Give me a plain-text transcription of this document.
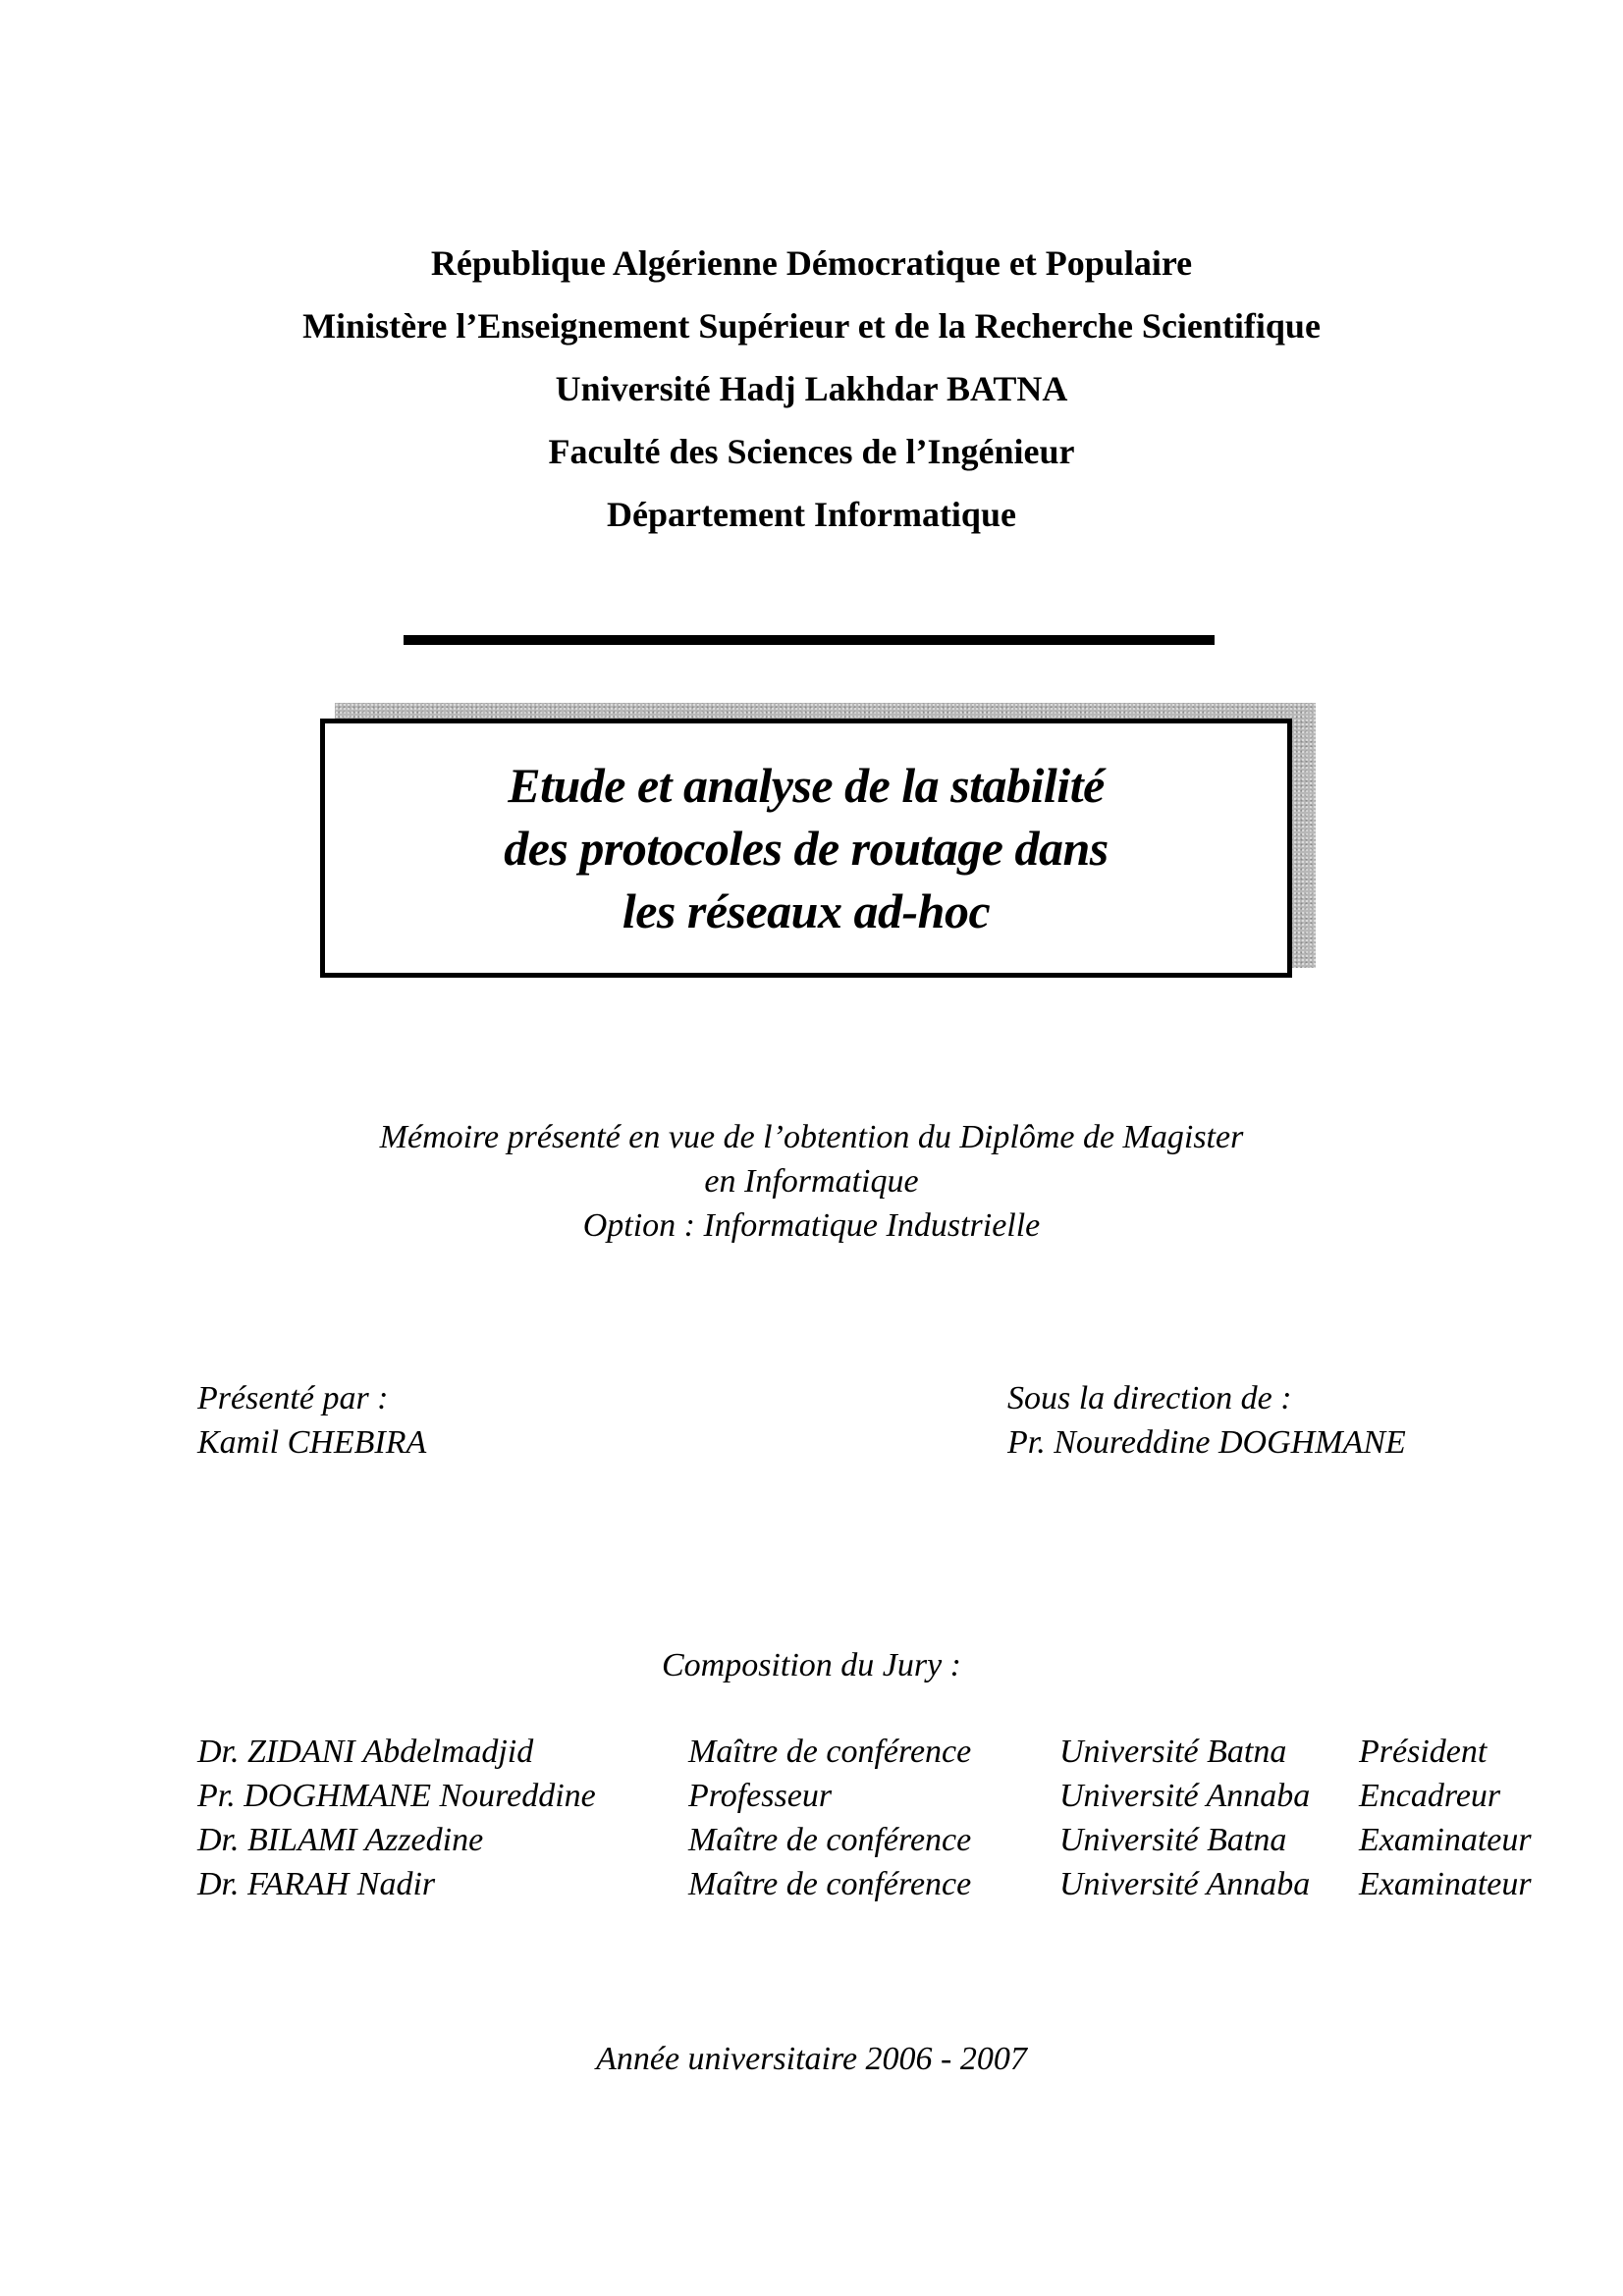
République Algérienne Démocratique et Populaire
Ministère l’Enseignement Supérieur et de la Recherche Scientifique
Université Hadj Lakhdar BATNA
Faculté des Sciences de l’Ingénieur
Département Informatique
Etude et analyse de la stabilité
des protocoles de routage dans
les réseaux ad-hoc
Mémoire présenté en vue de l’obtention du Diplôme de Magister
en Informatique
Option : Informatique Industrielle
Présenté par :
Kamil CHEBIRA
Sous la direction de :
Pr. Noureddine DOGHMANE
Composition du Jury :
Dr. ZIDANI Abdelmadjid	Maître de conférence	Université Batna Président
Pr. DOGHMANE Noureddine	Professeur	Université Annaba Encadreur
Dr. BILAMI Azzedine	Maître de conférence	Université Batna Examinateur
Dr. FARAH Nadir	Maître de conférence	Université Annaba Examinateur
Année universitaire 2006 - 2007
